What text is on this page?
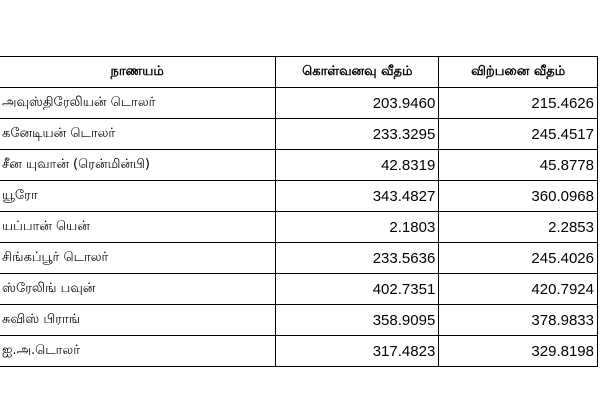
நாணயம்	கொள்வனவு வீதம்	விற்பனை வீதம்
அவுஸ்திரேலியன் டொலர்	203.9460	215.4626
கனேடியன் டொலர்	233.3295	245.4517
சீன யுவான் (ரென்மின்பி)	42.8319	45.8778
யூரோ	343.4827	360.0968
யப்பான் யென்	2.1803	2.2853
சிங்கப்பூர் டொலர்	233.5636	245.4026
ஸ்ரேலிங் பவுன்	402.7351	420.7924
சுவிஸ் பிராங்	358.9095	378.9833
ஐ.அ.டொலர்	317.4823	329.8198
